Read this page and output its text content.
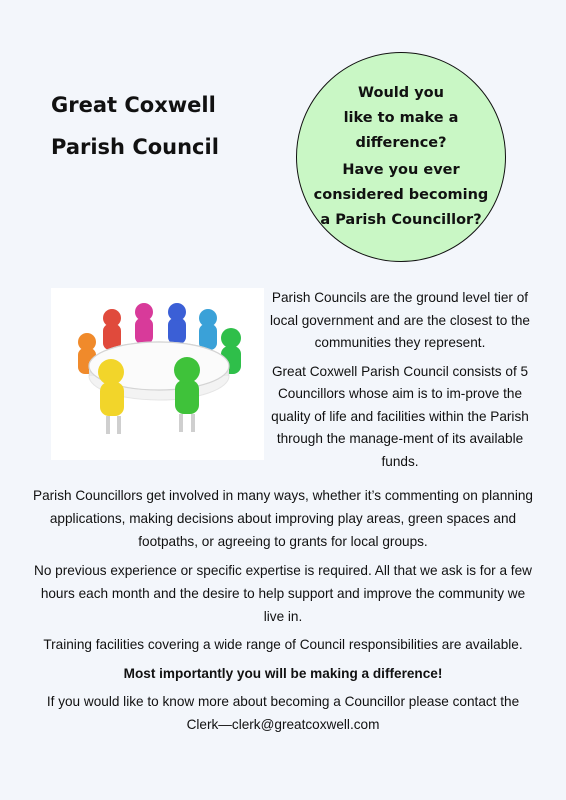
Great Coxwell
Parish Council
Would you like to make a difference?
Have you ever considered becoming a Parish Councillor?

Parish Councils are the ground level tier of local government and are the closest to the communities they represent.

Great Coxwell Parish Council consists of 5 Councillors whose aim is to im-prove the quality of life and facilities within the Parish through the manage-ment of its available funds.

Parish Councillors get involved in many ways, whether it’s commenting on planning applications, making decisions about improving play areas, green spaces and footpaths, or agreeing to grants for local groups.

No previous experience or specific expertise is required. All that we ask is for a few hours each month and the desire to help support and improve the community we live in.

Training facilities covering a wide range of Council responsibilities are available.

Most importantly you will be making a difference!

If you would like to know more about becoming a Councillor please contact the Clerk—clerk@greatcoxwell.com
